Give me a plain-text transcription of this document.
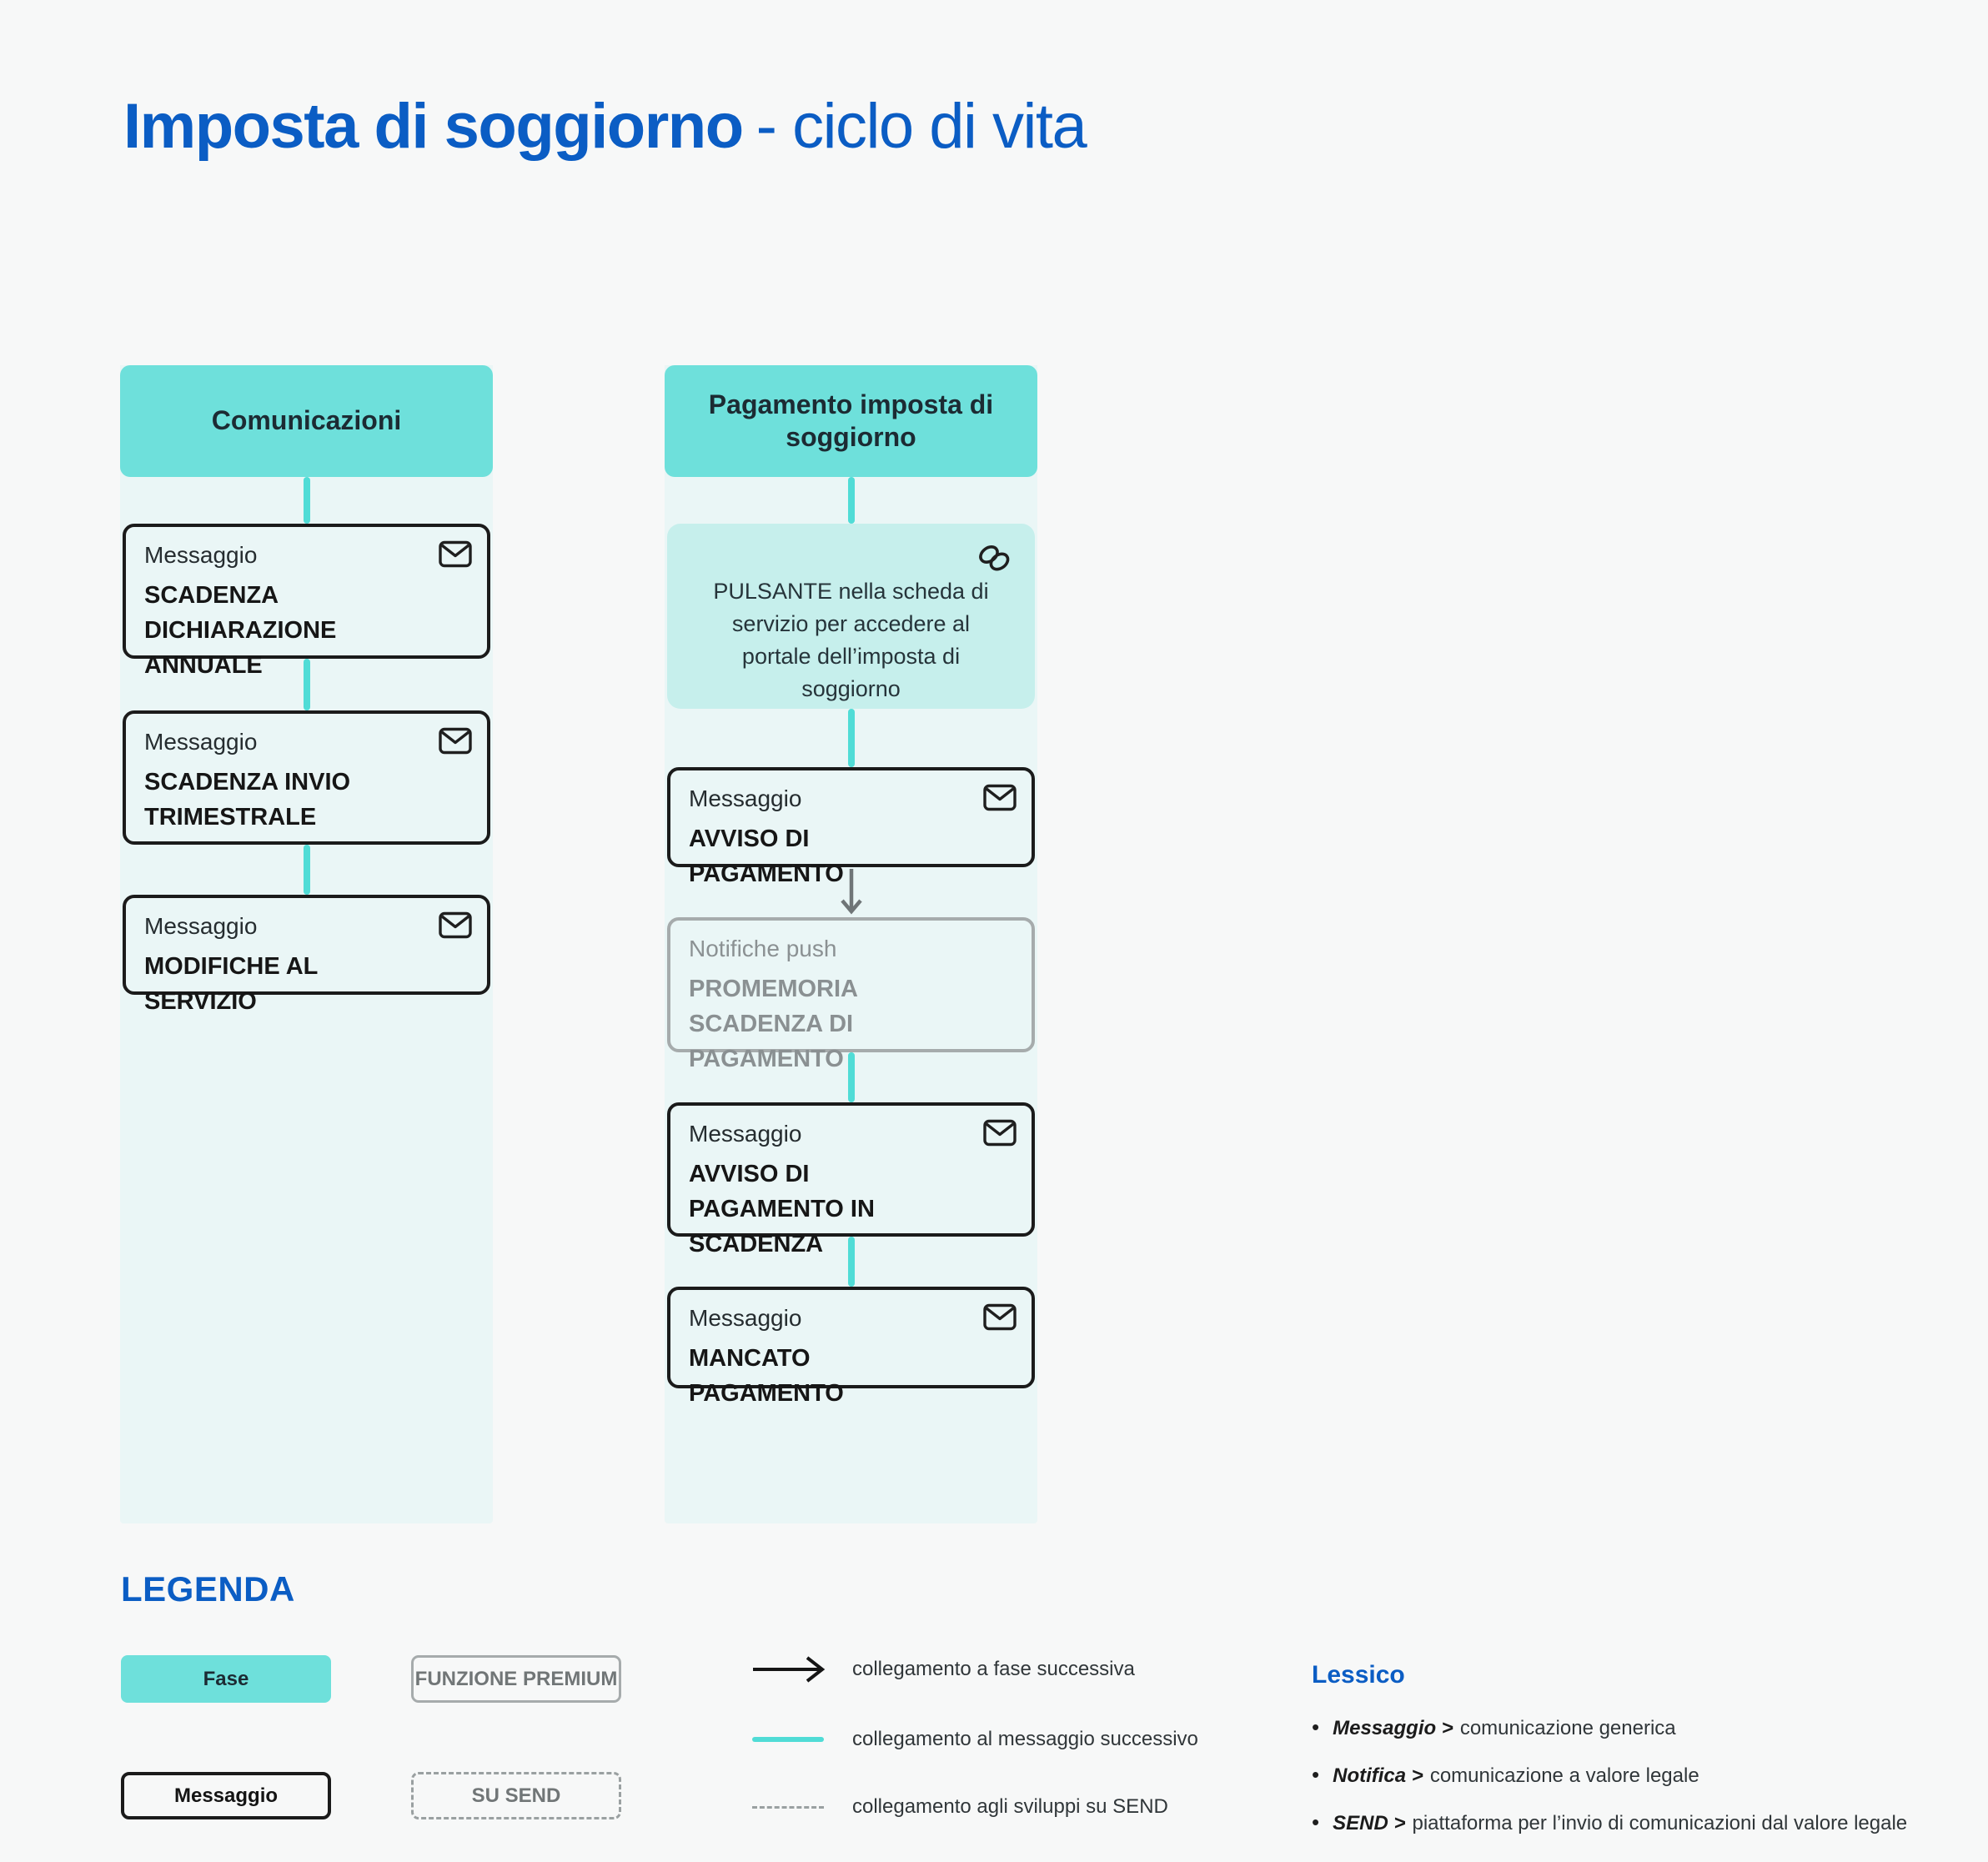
Imposta di soggiorno - ciclo di vita
Comunicazioni
Messaggio
SCADENZA DICHIARAZIONE ANNUALE
Messaggio
SCADENZA INVIO TRIMESTRALE
Messaggio
MODIFICHE AL SERVIZIO
Pagamento imposta di soggiorno
PULSANTE nella scheda di servizio per accedere al portale dell’imposta di soggiorno
Messaggio
AVVISO DI PAGAMENTO
Notifiche push
PROMEMORIA SCADENZA DI PAGAMENTO
Messaggio
AVVISO DI PAGAMENTO IN SCADENZA
Messaggio
MANCATO PAGAMENTO
LEGENDA
Fase	FUNZIONE PREMIUM
Messaggio	SU SEND
collegamento a fase successiva
collegamento al messaggio successivo
collegamento agli sviluppi su SEND
Lessico
• Messaggio > comunicazione generica
• Notifica > comunicazione a valore legale
• SEND > piattaforma per l’invio di comunicazioni dal valore legale
